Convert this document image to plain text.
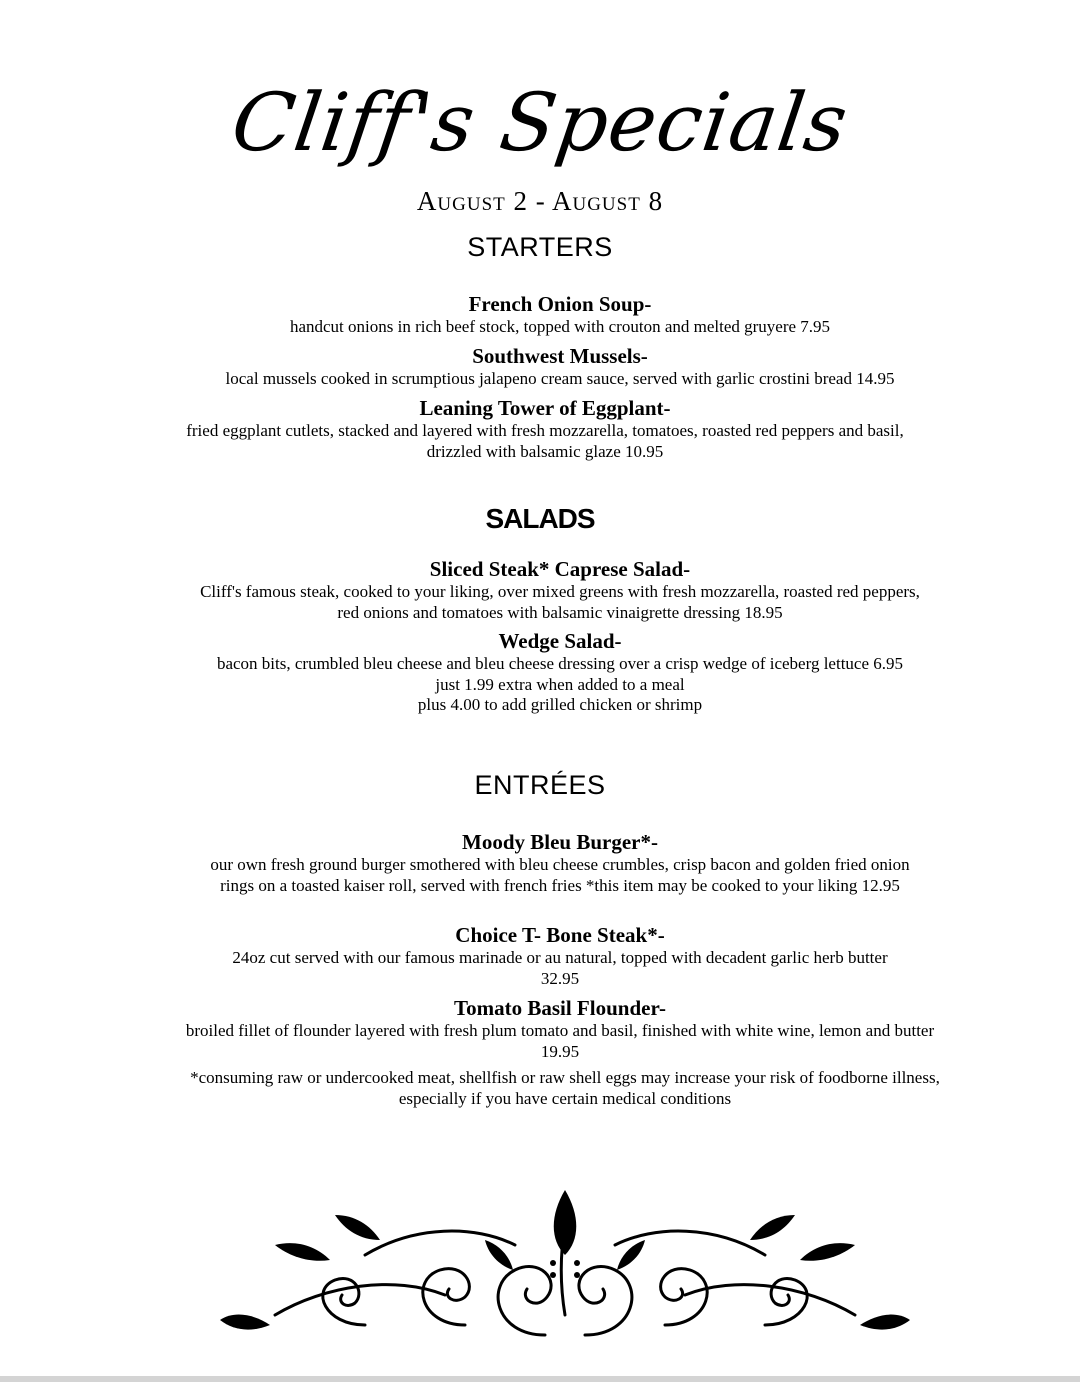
Cliff's Specials
August 2 - August 8
STARTERS
French Onion Soup-
handcut onions in rich beef stock, topped with crouton and melted gruyere 7.95
Southwest Mussels-
local mussels cooked in scrumptious jalapeno cream sauce, served with garlic crostini bread 14.95
Leaning Tower of Eggplant-
fried eggplant cutlets, stacked and layered with fresh mozzarella, tomatoes, roasted red peppers and basil, drizzled with balsamic glaze 10.95
SALADS
Sliced Steak* Caprese Salad-
Cliff's famous steak, cooked to your liking, over mixed greens with fresh mozzarella, roasted red peppers, red onions and tomatoes with balsamic vinaigrette dressing 18.95
Wedge Salad-
bacon bits, crumbled bleu cheese and bleu cheese dressing over a crisp wedge of iceberg lettuce 6.95
just 1.99 extra when added to a meal
plus 4.00 to add grilled chicken or shrimp
ENTRÉES
Moody Bleu Burger*-
our own fresh ground burger smothered with bleu cheese crumbles, crisp bacon and golden fried onion rings on a toasted kaiser roll, served with french fries *this item may be cooked to your liking 12.95
Choice T- Bone Steak*-
24oz cut served with our famous marinade or au natural, topped with decadent garlic herb butter 32.95
Tomato Basil Flounder-
broiled fillet of flounder layered with fresh plum tomato and basil, finished with white wine, lemon and butter 19.95
*consuming raw or undercooked meat, shellfish or raw shell eggs may increase your risk of foodborne illness, especially if you have certain medical conditions
